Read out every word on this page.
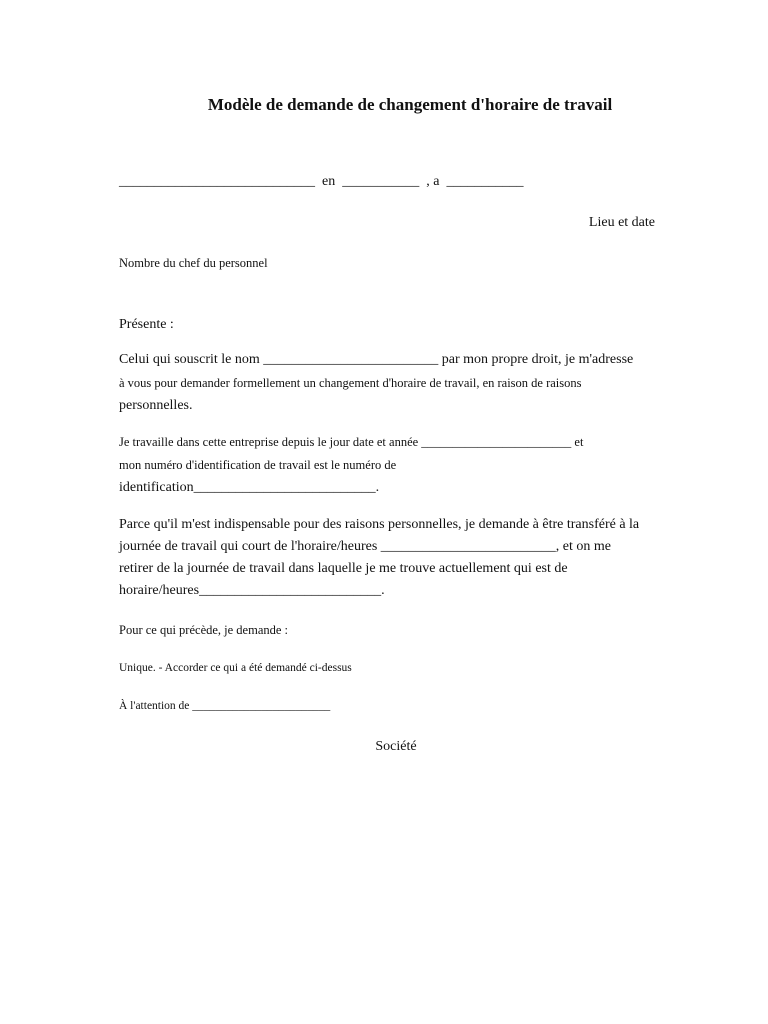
Modèle de demande de changement d'horaire de travail
____________________________ en ___________ , a ___________
Lieu et date
Nombre du chef du personnel
Présente :
Celui qui souscrit le nom _________________________ par mon propre droit, je m'adresse
à vous pour demander formellement un changement d'horaire de travail, en raison de raisons
personnelles.
Je travaille dans cette entreprise depuis le jour date et année ________________________ et
mon numéro d'identification de travail est le numéro de
identification__________________________.
Parce qu'il m'est indispensable pour des raisons personnelles, je demande à être transféré à la
journée de travail qui court de l'horaire/heures _________________________, et on me
retirer de la journée de travail dans laquelle je me trouve actuellement qui est de
horaire/heures__________________________.
Pour ce qui précède, je demande :
Unique. - Accorder ce qui a été demandé ci-dessus
À l'attention de ________________________
Société
